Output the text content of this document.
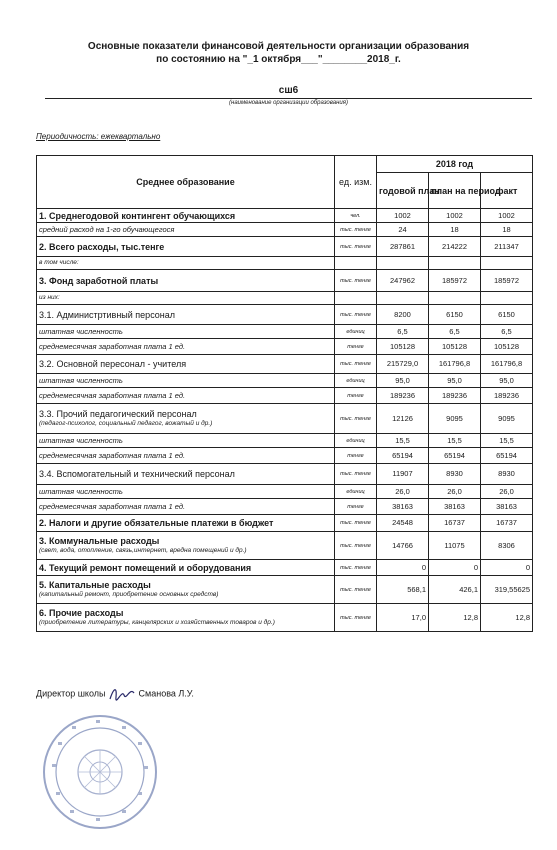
Основные показатели финансовой деятельности организации образования
по состоянию на "_1 октября___"________2018_г.
сш6
(наименование организации образования)
Периодичность: ежеквартально
Среднее образование	ед. изм.	2018 год		
		годовой план	план на период	факт
1. Среднегодовой контингент обучающихся	чел.	1002	1002	1002
средний расход на 1-го обучающегося	тыс. тенге	24	18	18
2. Всего расходы, тыс.тенге	тыс. тенге	287861	214222	211347
в том числе:				
3. Фонд заработной платы	тыс. тенге	247962	185972	185972
из них:				
3.1. Администртивный персонал	тыс. тенге	8200	6150	6150
штатная численность	единиц	6,5	6,5	6,5
среднемесячная заработная плата 1 ед.	тенге	105128	105128	105128
3.2. Основной пересонал - учителя	тыс. тенге	215729,0	161796,8	161796,8
штатная численность	единиц	95,0	95,0	95,0
среднемесячная заработная плата 1 ед.	тенге	189236	189236	189236
3.3. Прочий педагогический персонал
(педагог-психолог, социальный педагог, вожатый и др.)	тыс. тенге	12126	9095	9095
штатная численность	единиц	15,5	15,5	15,5
среднемесячная заработная плата 1 ед.	тенге	65194	65194	65194
3.4. Вспомогательный и технический персонал	тыс. тенге	11907	8930	8930
штатная численность	единиц	26,0	26,0	26,0
среднемесячная заработная плата 1 ед.	тенге	38163	38163	38163
2. Налоги и другие обязательные платежи в бюджет	тыс. тенге	24548	16737	16737
3. Коммунальные расходы
(свет, вода, отопление, связь,интернет, вредна помещений и др.)	тыс. тенге	14766	11075	8306
4. Текущий ремонт помещений и оборудования	тыс. тенге	0	0	0
5. Капитальные расходы
(капитальный ремонт, приобретение основных средств)	тыс. тенге	568,1	426,1	319,55625
6. Прочие расходы
(приобретение литературы, канцелярских и хозяйственных товаров и др.)	тыс. тенге	17,0	12,8	12,8
Директор школы	Сманова Л.У.
